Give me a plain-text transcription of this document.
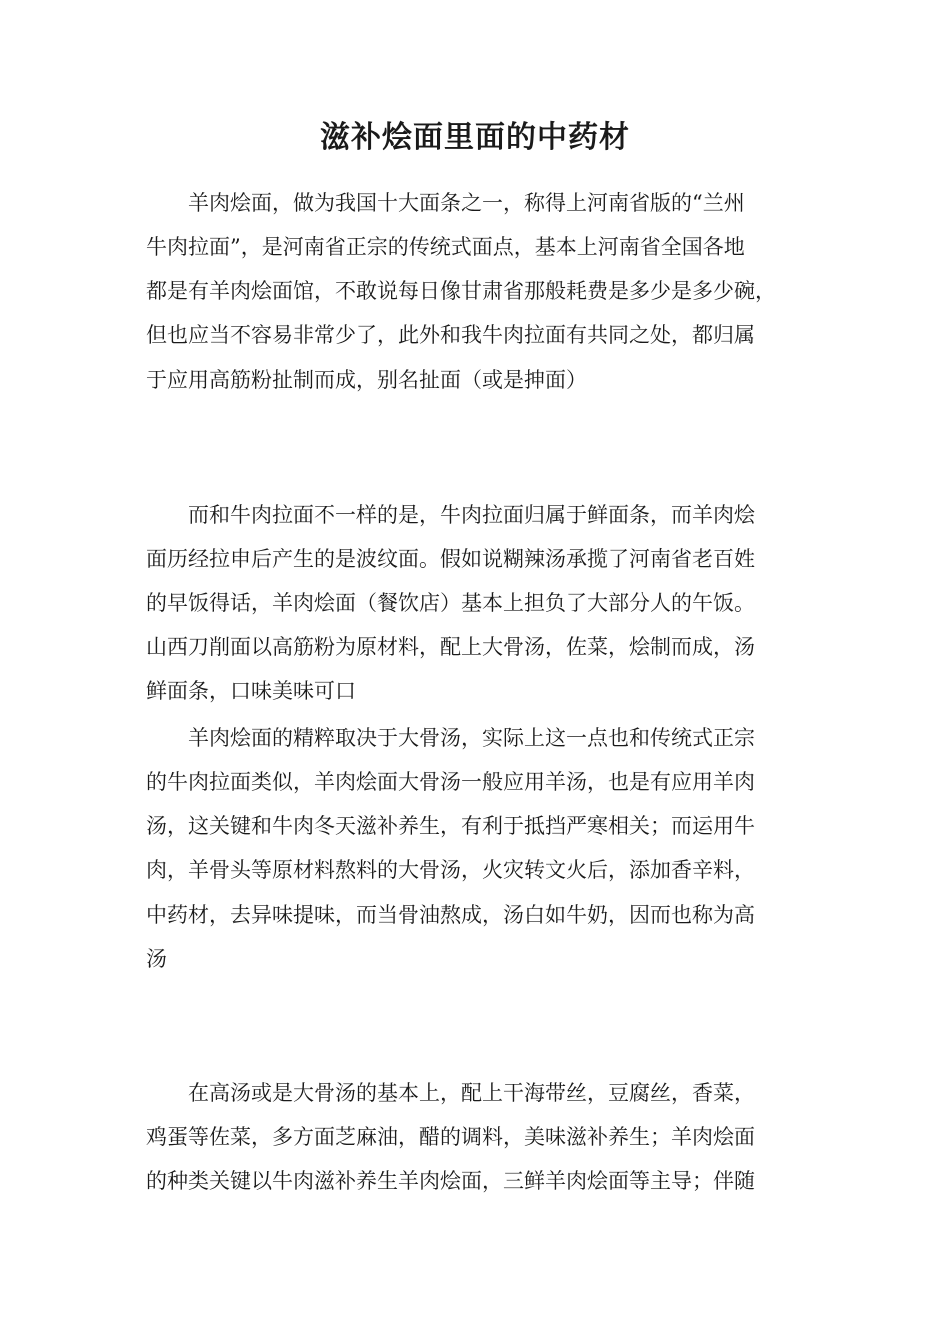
滋补烩面里面的中药材

羊肉烩面，做为我国十大面条之一，称得上河南省版的“兰州

牛肉拉面”，是河南省正宗的传统式面点，基本上河南省全国各地

都是有羊肉烩面馆，不敢说每日像甘肃省那般耗费是多少是多少碗，

但也应当不容易非常少了，此外和我牛肉拉面有共同之处，都归属

于应用高筋粉扯制而成，别名扯面（或是抻面）

而和牛肉拉面不一样的是，牛肉拉面归属于鲜面条，而羊肉烩

面历经拉申后产生的是波纹面。假如说糊辣汤承揽了河南省老百姓

的早饭得话，羊肉烩面（餐饮店）基本上担负了大部分人的午饭。

山西刀削面以高筋粉为原材料，配上大骨汤，佐菜，烩制而成，汤

鲜面条，口味美味可口

羊肉烩面的精粹取决于大骨汤，实际上这一点也和传统式正宗

的牛肉拉面类似，羊肉烩面大骨汤一般应用羊汤，也是有应用羊肉

汤，这关键和牛肉冬天滋补养生，有利于抵挡严寒相关；而运用牛

肉，羊骨头等原材料熬料的大骨汤，火灾转文火后，添加香辛料，

中药材，去异味提味，而当骨油熬成，汤白如牛奶，因而也称为高

汤

在高汤或是大骨汤的基本上，配上干海带丝，豆腐丝，香菜，

鸡蛋等佐菜，多方面芝麻油，醋的调料，美味滋补养生；羊肉烩面

的种类关键以牛肉滋补养生羊肉烩面，三鲜羊肉烩面等主导；伴随
